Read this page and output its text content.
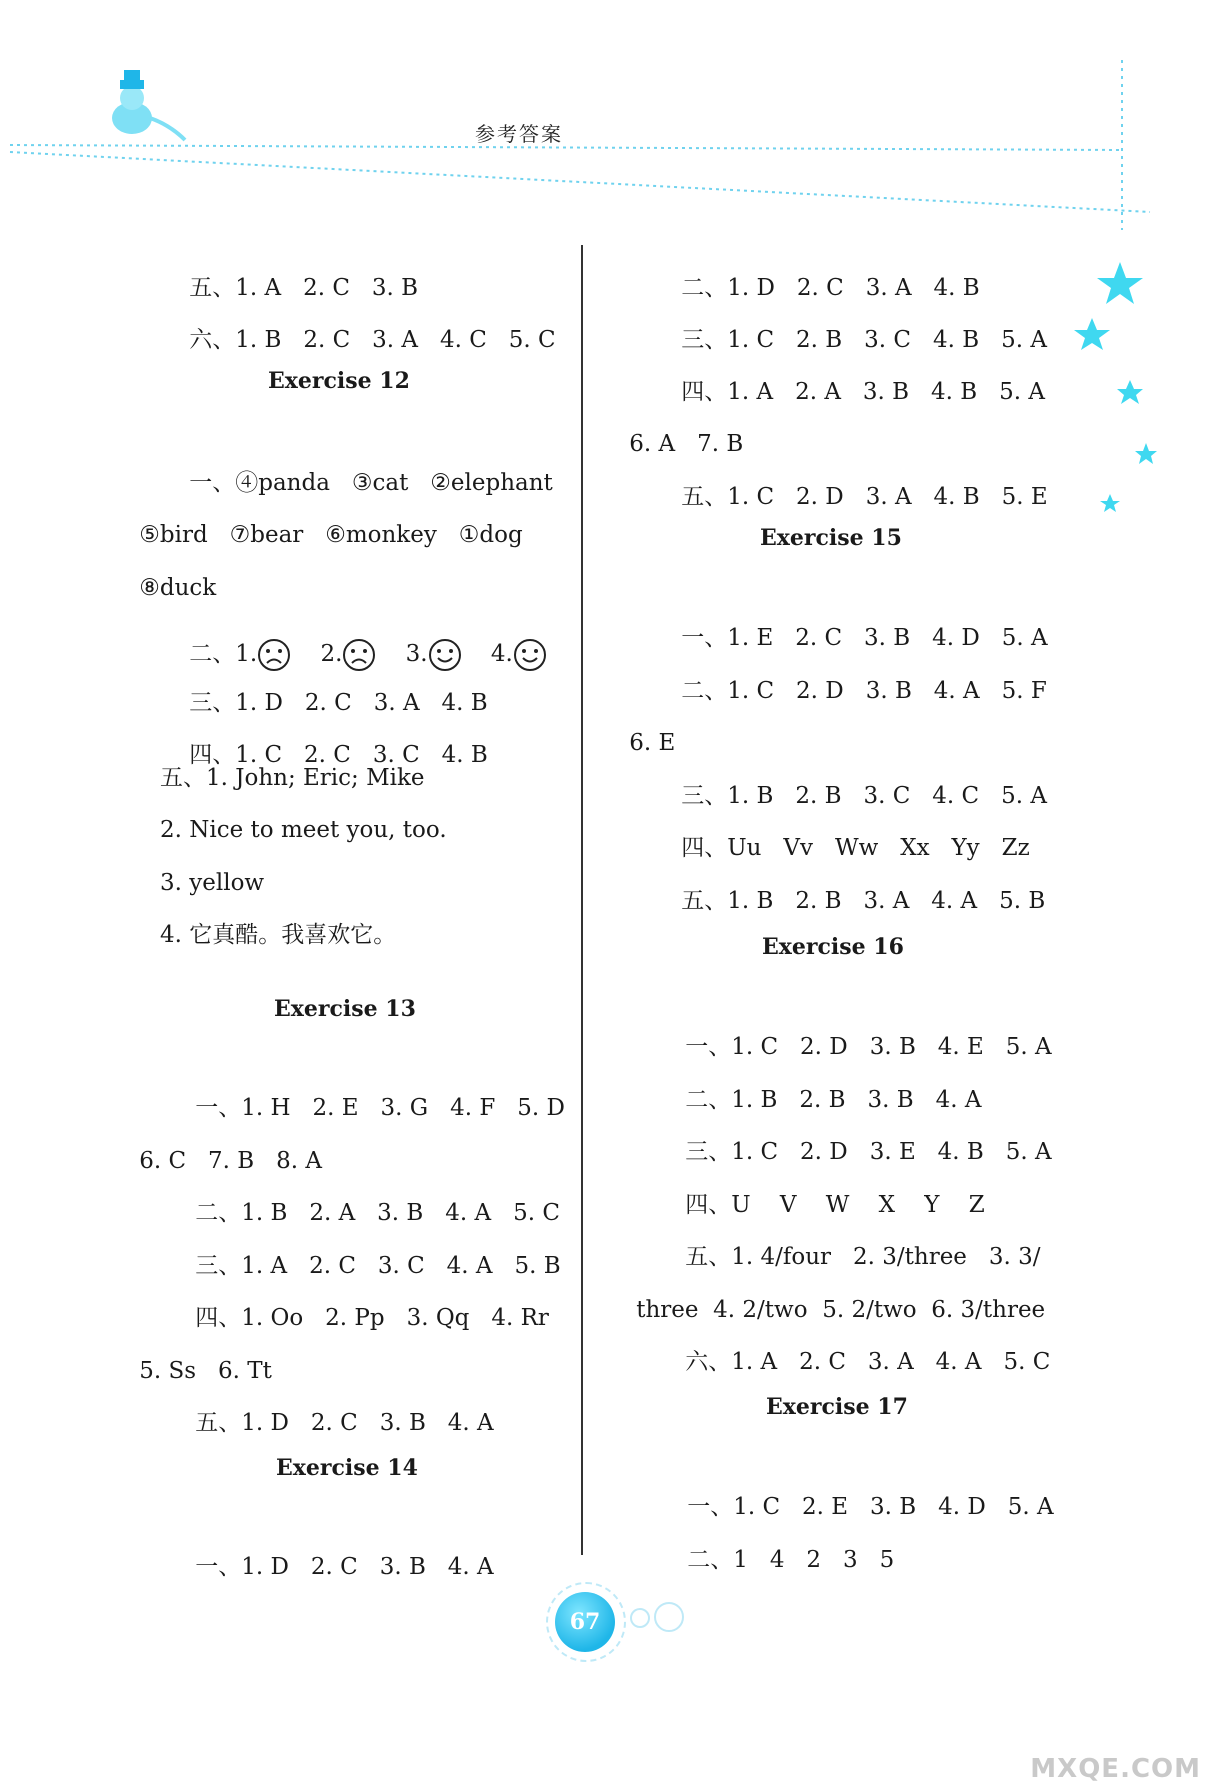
参考答案

五、1. A 2. C 3. B

六、1. B 2. C 3. A 4. C 5. C

Exercise 12

一、④panda ③cat ②elephant

⑤bird ⑦bear ⑥monkey ①dog

⑧duck

二、1.	2.	3.	4.

三、1. D 2. C 3. A 4. B

四、1. C 2. C 3. C 4. B

五、1. John; Eric; Mike
2. Nice to meet you, too.
3. yellow
4. 它真酷。我喜欢它。
Exercise 13

一、1. H 2. E 3. G 4. F 5. D

6. C 7. B 8. A

二、1. B 2. A 3. B 4. A 5. C

三、1. A 2. C 3. C 4. A 5. B

四、1. Oo 2. Pp 3. Qq 4. Rr

5. Ss 6. Tt

五、1. D 2. C 3. B 4. A

Exercise 14

一、1. D 2. C 3. B 4. A

二、1. D 2. C 3. A 4. B

三、1. C 2. B 3. C 4. B 5. A

四、1. A 2. A 3. B 4. B 5. A

6. A 7. B

五、1. C 2. D 3. A 4. B 5. E

Exercise 15

一、1. E 2. C 3. B 4. D 5. A

二、1. C 2. D 3. B 4. A 5. F

6. E

三、1. B 2. B 3. C 4. C 5. A

四、Uu Vv Ww Xx Yy Zz

五、1. B 2. B 3. A 4. A 5. B

Exercise 16

一、1. C 2. D 3. B 4. E 5. A

二、1. B 2. B 3. B 4. A

三、1. C 2. D 3. E 4. B 5. A

四、U V W X Y Z

五、1. 4/four 2. 3/three 3. 3/

three 4. 2/two 5. 2/two 6. 3/three

六、1. A 2. C 3. A 4. A 5. C

Exercise 17

一、1. C 2. E 3. B 4. D 5. A

二、1 4 2 3 5

67
MXQE.COM
